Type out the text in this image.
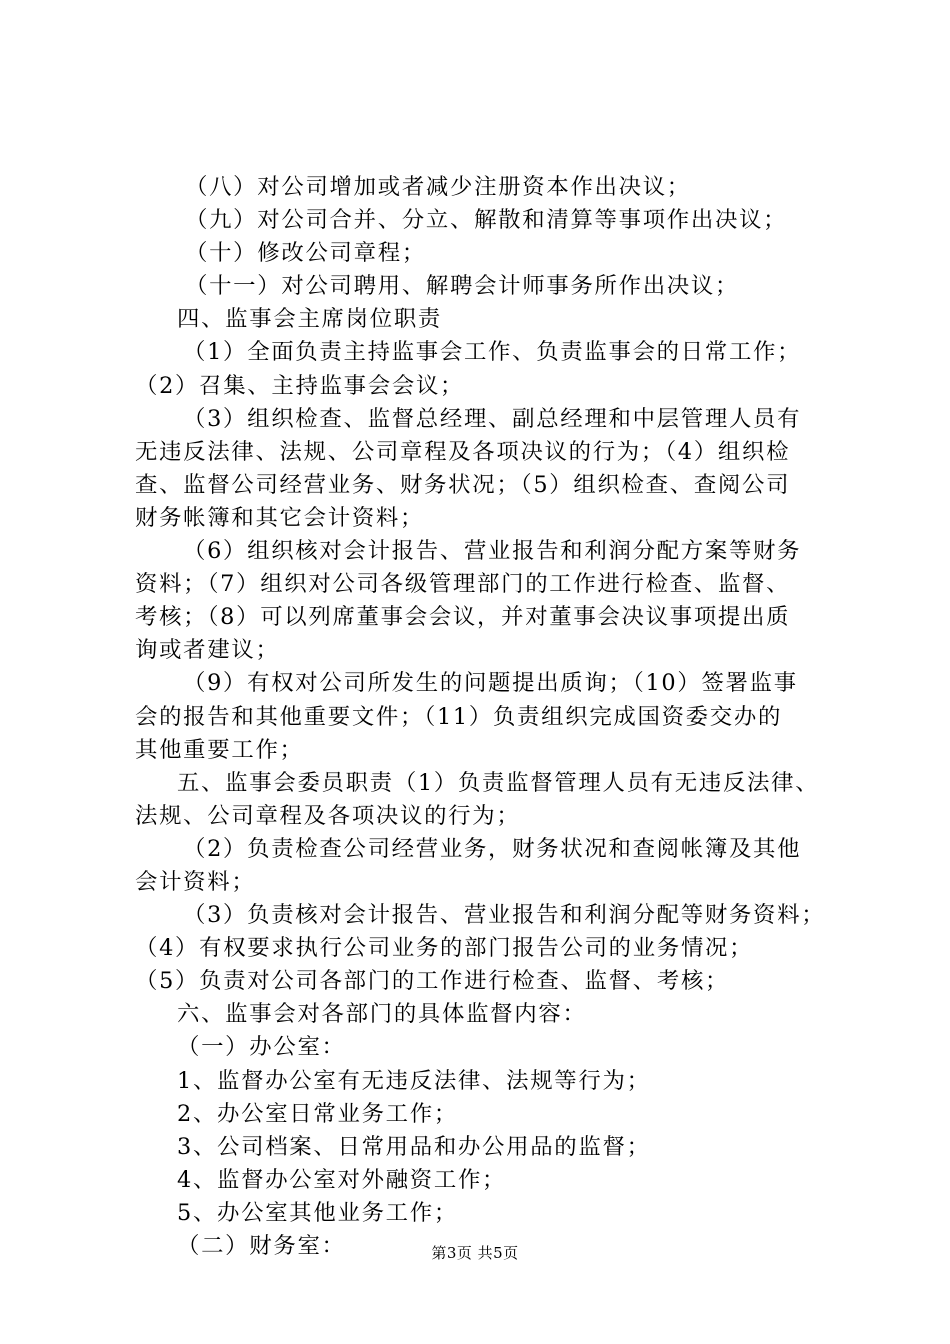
（八）对公司增加或者减少注册资本作出决议；
（九）对公司合并、分立、解散和清算等事项作出决议；
（十）修改公司章程；
（十一）对公司聘用、解聘会计师事务所作出决议；
四、监事会主席岗位职责
（1）全面负责主持监事会工作、负责监事会的日常工作；
（2）召集、主持监事会会议；
（3）组织检查、监督总经理、副总经理和中层管理人员有
无违反法律、法规、公司章程及各项决议的行为；（4）组织检
查、监督公司经营业务、财务状况；（5）组织检查、查阅公司
财务帐簿和其它会计资料；
（6）组织核对会计报告、营业报告和利润分配方案等财务
资料；（7）组织对公司各级管理部门的工作进行检查、监督、
考核；（8）可以列席董事会会议，并对董事会决议事项提出质
询或者建议；
（9）有权对公司所发生的问题提出质询；（10）签署监事
会的报告和其他重要文件；（11）负责组织完成国资委交办的
其他重要工作；
五、监事会委员职责（1）负责监督管理人员有无违反法律、
法规、公司章程及各项决议的行为；
（2）负责检查公司经营业务，财务状况和查阅帐簿及其他
会计资料；
（3）负责核对会计报告、营业报告和利润分配等财务资料；
（4）有权要求执行公司业务的部门报告公司的业务情况；
（5）负责对公司各部门的工作进行检查、监督、考核；
六、监事会对各部门的具体监督内容：
（一）办公室：
1、监督办公室有无违反法律、法规等行为；
2、办公室日常业务工作；
3、公司档案、日常用品和办公用品的监督；
4、监督办公室对外融资工作；
5、办公室其他业务工作；
（二）财务室：	第3页 共5页
